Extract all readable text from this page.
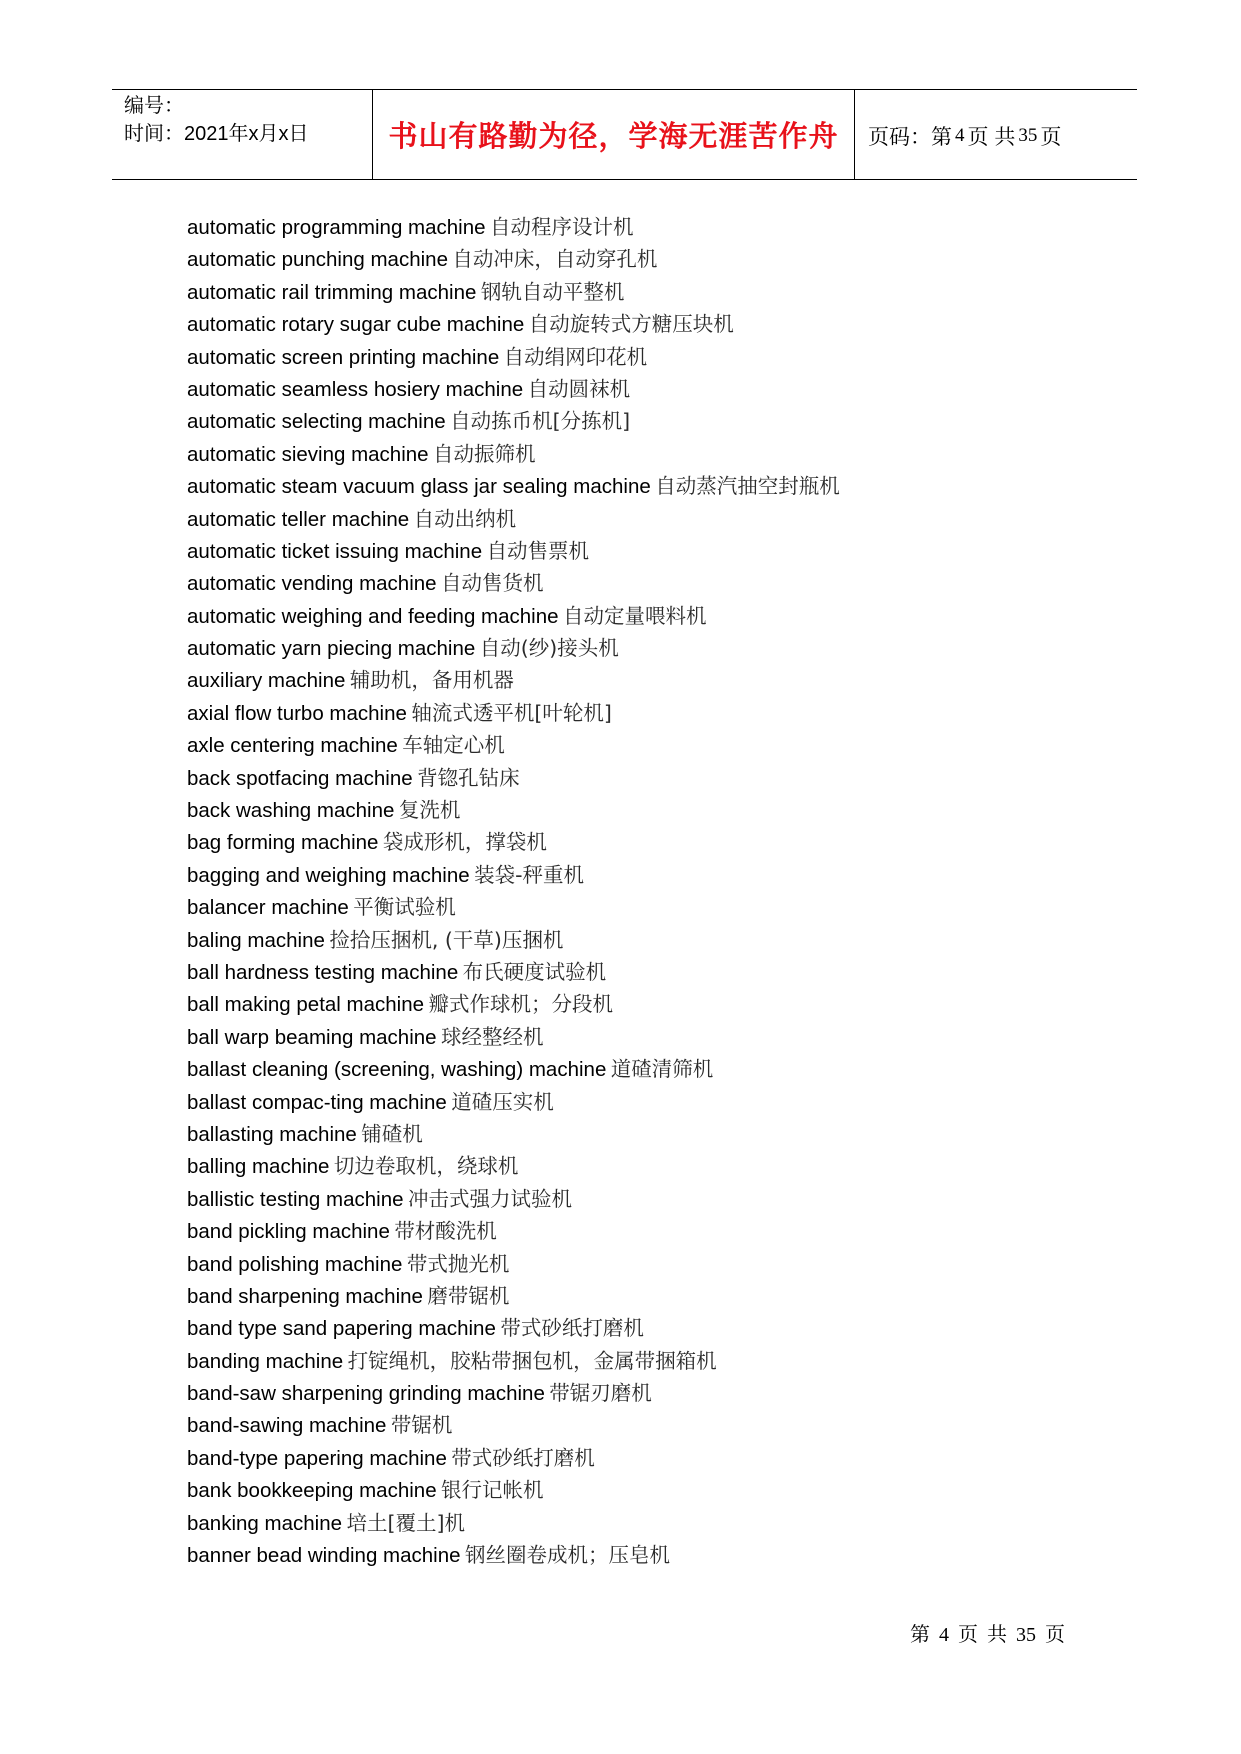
编号：
时间：2021年x月x日	书山有路勤为径，学海无涯苦作舟 页码：第 4 页 共 35 页
automatic programming machine 自动程序设计机
automatic punching machine 自动冲床，自动穿孔机
automatic rail trimming machine 钢轨自动平整机
automatic rotary sugar cube machine 自动旋转式方糖压块机
automatic screen printing machine 自动绢网印花机
automatic seamless hosiery machine 自动圆袜机
automatic selecting machine 自动拣币机[分拣机]
automatic sieving machine 自动振筛机
automatic steam vacuum glass jar sealing machine 自动蒸汽抽空封瓶机
automatic teller machine 自动出纳机
automatic ticket issuing machine 自动售票机
automatic vending machine 自动售货机
automatic weighing and feeding machine 自动定量喂料机
automatic yarn piecing machine 自动(纱)接头机
auxiliary machine 辅助机，备用机器
axial flow turbo machine 轴流式透平机[叶轮机]
axle centering machine 车轴定心机
back spotfacing machine 背锪孔钻床
back washing machine 复洗机
bag forming machine 袋成形机，撑袋机
bagging and weighing machine 装袋-秤重机
balancer machine 平衡试验机
baling machine 捡拾压捆机, (干草)压捆机
ball hardness testing machine 布氏硬度试验机
ball making petal machine 瓣式作球机；分段机
ball warp beaming machine 球经整经机
ballast cleaning (screening, washing) machine 道碴清筛机
ballast compac-ting machine 道碴压实机
ballasting machine 铺碴机
balling machine 切边卷取机，绕球机
ballistic testing machine 冲击式强力试验机
band pickling machine 带材酸洗机
band polishing machine 带式抛光机
band sharpening machine 磨带锯机
band type sand papering machine 带式砂纸打磨机
banding machine 打锭绳机，胶粘带捆包机，金属带捆箱机
band-saw sharpening grinding machine 带锯刃磨机
band-sawing machine 带锯机
band-type papering machine 带式砂纸打磨机
bank bookkeeping machine 银行记帐机
banking machine 培土[覆土]机
banner bead winding machine 钢丝圈卷成机；压皂机
第 4 页 共 35 页
